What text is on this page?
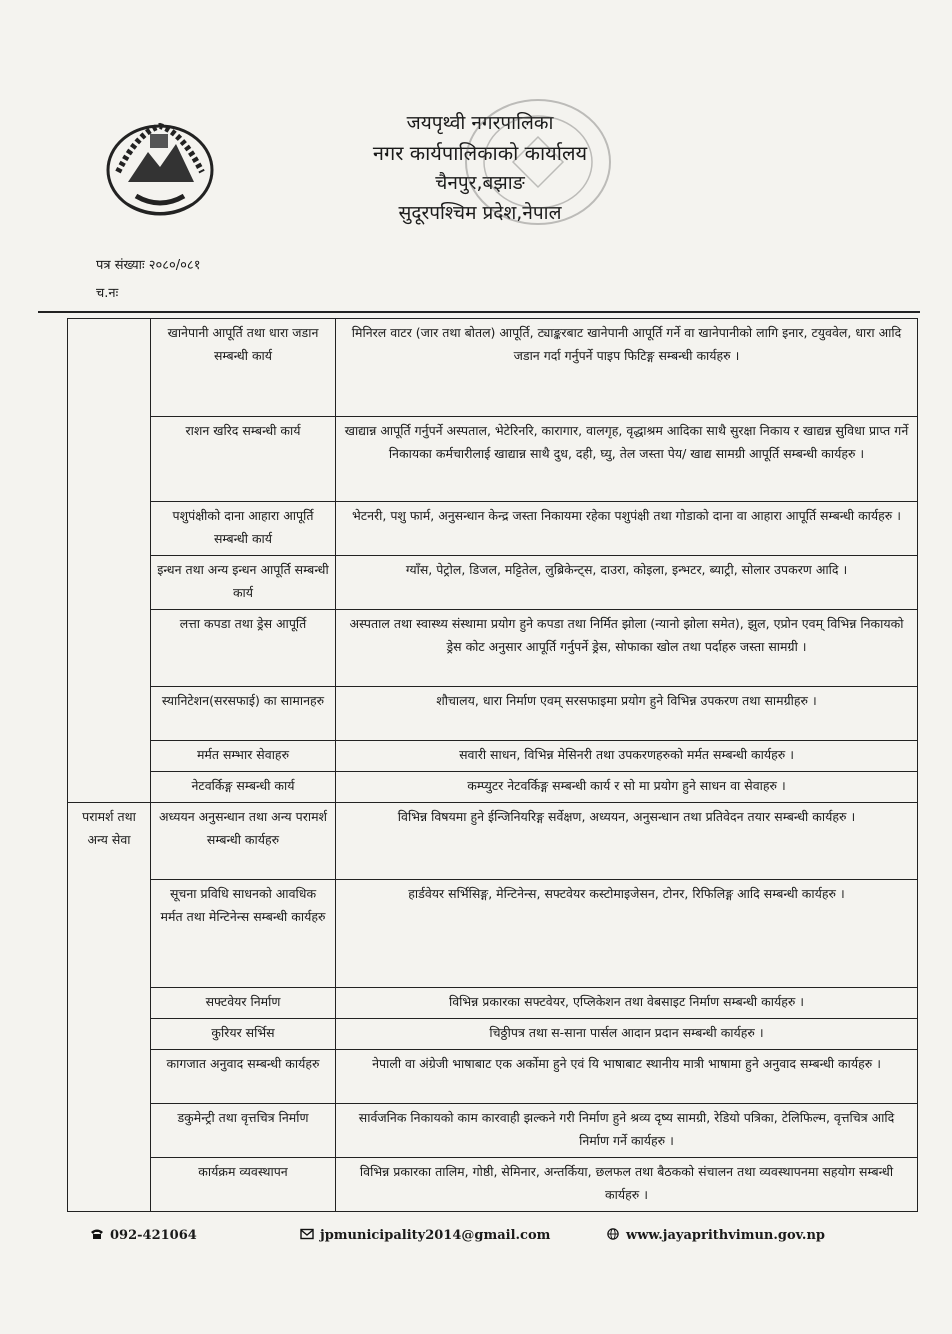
जयपृथ्वी नगरपालिका
नगर कार्यपालिकाको कार्यालय
चैनपुर,बझाङ
सुदूरपश्चिम प्रदेश,नेपाल
पत्र संख्याः २०८०/०८१
च.नः
	खानेपानी आपूर्ति तथा धारा जडान सम्बन्धी कार्य	मिनिरल वाटर (जार तथा बोतल) आपूर्ति, ट्याङ्करबाट खानेपानी आपूर्ति गर्ने वा खानेपानीको लागि इनार, टयुववेल, धारा आदि जडान गर्दा गर्नुपर्ने पाइप फिटिङ्ग सम्बन्धी कार्यहरु ।
	राशन खरिद सम्बन्धी कार्य	खाद्यान्न आपूर्ति गर्नुपर्ने अस्पताल, भेटेरिनरि, कारागार, वालगृह, वृद्धाश्रम आदिका साथै सुरक्षा निकाय र खाद्यन्न सुविधा प्राप्त गर्ने निकायका कर्मचारीलाई खाद्यान्न साथै दुध, दही, घ्यु, तेल जस्ता पेय/ खाद्य सामग्री आपूर्ति सम्बन्धी कार्यहरु ।
	पशुपंक्षीको दाना आहारा आपूर्ति सम्बन्धी कार्य	भेटनरी, पशु फार्म, अनुसन्धान केन्द्र जस्ता निकायमा रहेका पशुपंक्षी तथा गोडाको दाना वा आहारा आपूर्ति सम्बन्धी कार्यहरु ।
	इन्धन तथा अन्य इन्धन आपूर्ति सम्बन्धी कार्य	ग्याँस, पेट्रोल, डिजल, मट्टितेल, लुब्रिकेन्ट्स, दाउरा, कोइला, इन्भटर, ब्याट्री, सोलार उपकरण आदि ।
	लत्ता कपडा तथा ड्रेस आपूर्ति	अस्पताल तथा स्वास्थ्य संस्थामा प्रयोग हुने कपडा तथा निर्मित झोला (न्यानो झोला समेत), झुल, एप्रोन एवम् विभिन्न निकायको ड्रेस कोट अनुसार आपूर्ति गर्नुपर्ने ड्रेस, सोफाका खोल तथा पर्दाहरु जस्ता सामग्री ।
	स्यानिटेशन(सरसफाई) का सामानहरु	शौचालय, धारा निर्माण एवम् सरसफाइमा प्रयोग हुने विभिन्न उपकरण तथा सामग्रीहरु ।
	मर्मत सम्भार सेवाहरु	सवारी साधन, विभिन्न मेसिनरी तथा उपकरणहरुको मर्मत सम्बन्धी कार्यहरु ।
	नेटवर्किङ्ग सम्बन्धी कार्य	कम्प्युटर नेटवर्किङ्ग सम्बन्धी कार्य र सो मा प्रयोग हुने साधन वा सेवाहरु ।
परामर्श तथा अन्य सेवा	अध्ययन अनुसन्धान तथा अन्य परामर्श सम्बन्धी कार्यहरु	विभिन्न विषयमा हुने ईन्जिनियरिङ्ग सर्वेक्षण, अध्ययन, अनुसन्धान तथा प्रतिवेदन तयार सम्बन्धी कार्यहरु ।
	सूचना प्रविधि साधनको आवधिक मर्मत तथा मेन्टिनेन्स सम्बन्धी कार्यहरु	हार्डवेयर सर्भिसिङ्ग, मेन्टिनेन्स, सफ्टवेयर कस्टोमाइजेसन, टोनर, रिफिलिङ्ग आदि सम्बन्धी कार्यहरु ।
	सफ्टवेयर निर्माण	विभिन्न प्रकारका सफ्टवेयर, एप्लिकेशन तथा वेबसाइट निर्माण सम्बन्धी कार्यहरु ।
	कुरियर सर्भिस	चिठ्ठीपत्र तथा स-साना पार्सल आदान प्रदान सम्बन्धी कार्यहरु ।
	कागजात अनुवाद सम्बन्धी कार्यहरु	नेपाली वा अंग्रेजी भाषाबाट एक अर्कोमा हुने एवं यि भाषाबाट स्थानीय मात्री भाषामा हुने अनुवाद सम्बन्धी कार्यहरु ।
	डकुमेन्ट्री तथा वृत्तचित्र निर्माण	सार्वजनिक निकायको काम कारवाही झल्कने गरी निर्माण हुने श्रव्य दृष्य सामग्री, रेडियो पत्रिका, टेलिफिल्म, वृत्तचित्र आदि निर्माण गर्ने कार्यहरु ।
	कार्यक्रम व्यवस्थापन	विभिन्न प्रकारका तालिम, गोष्ठी, सेमिनार, अन्तर्किया, छलफल तथा बैठकको संचालन तथा व्यवस्थापनमा सहयोग सम्बन्धी कार्यहरु ।
092-421064	jpmunicipality2014@gmail.com	www.jayaprithvimun.gov.np
